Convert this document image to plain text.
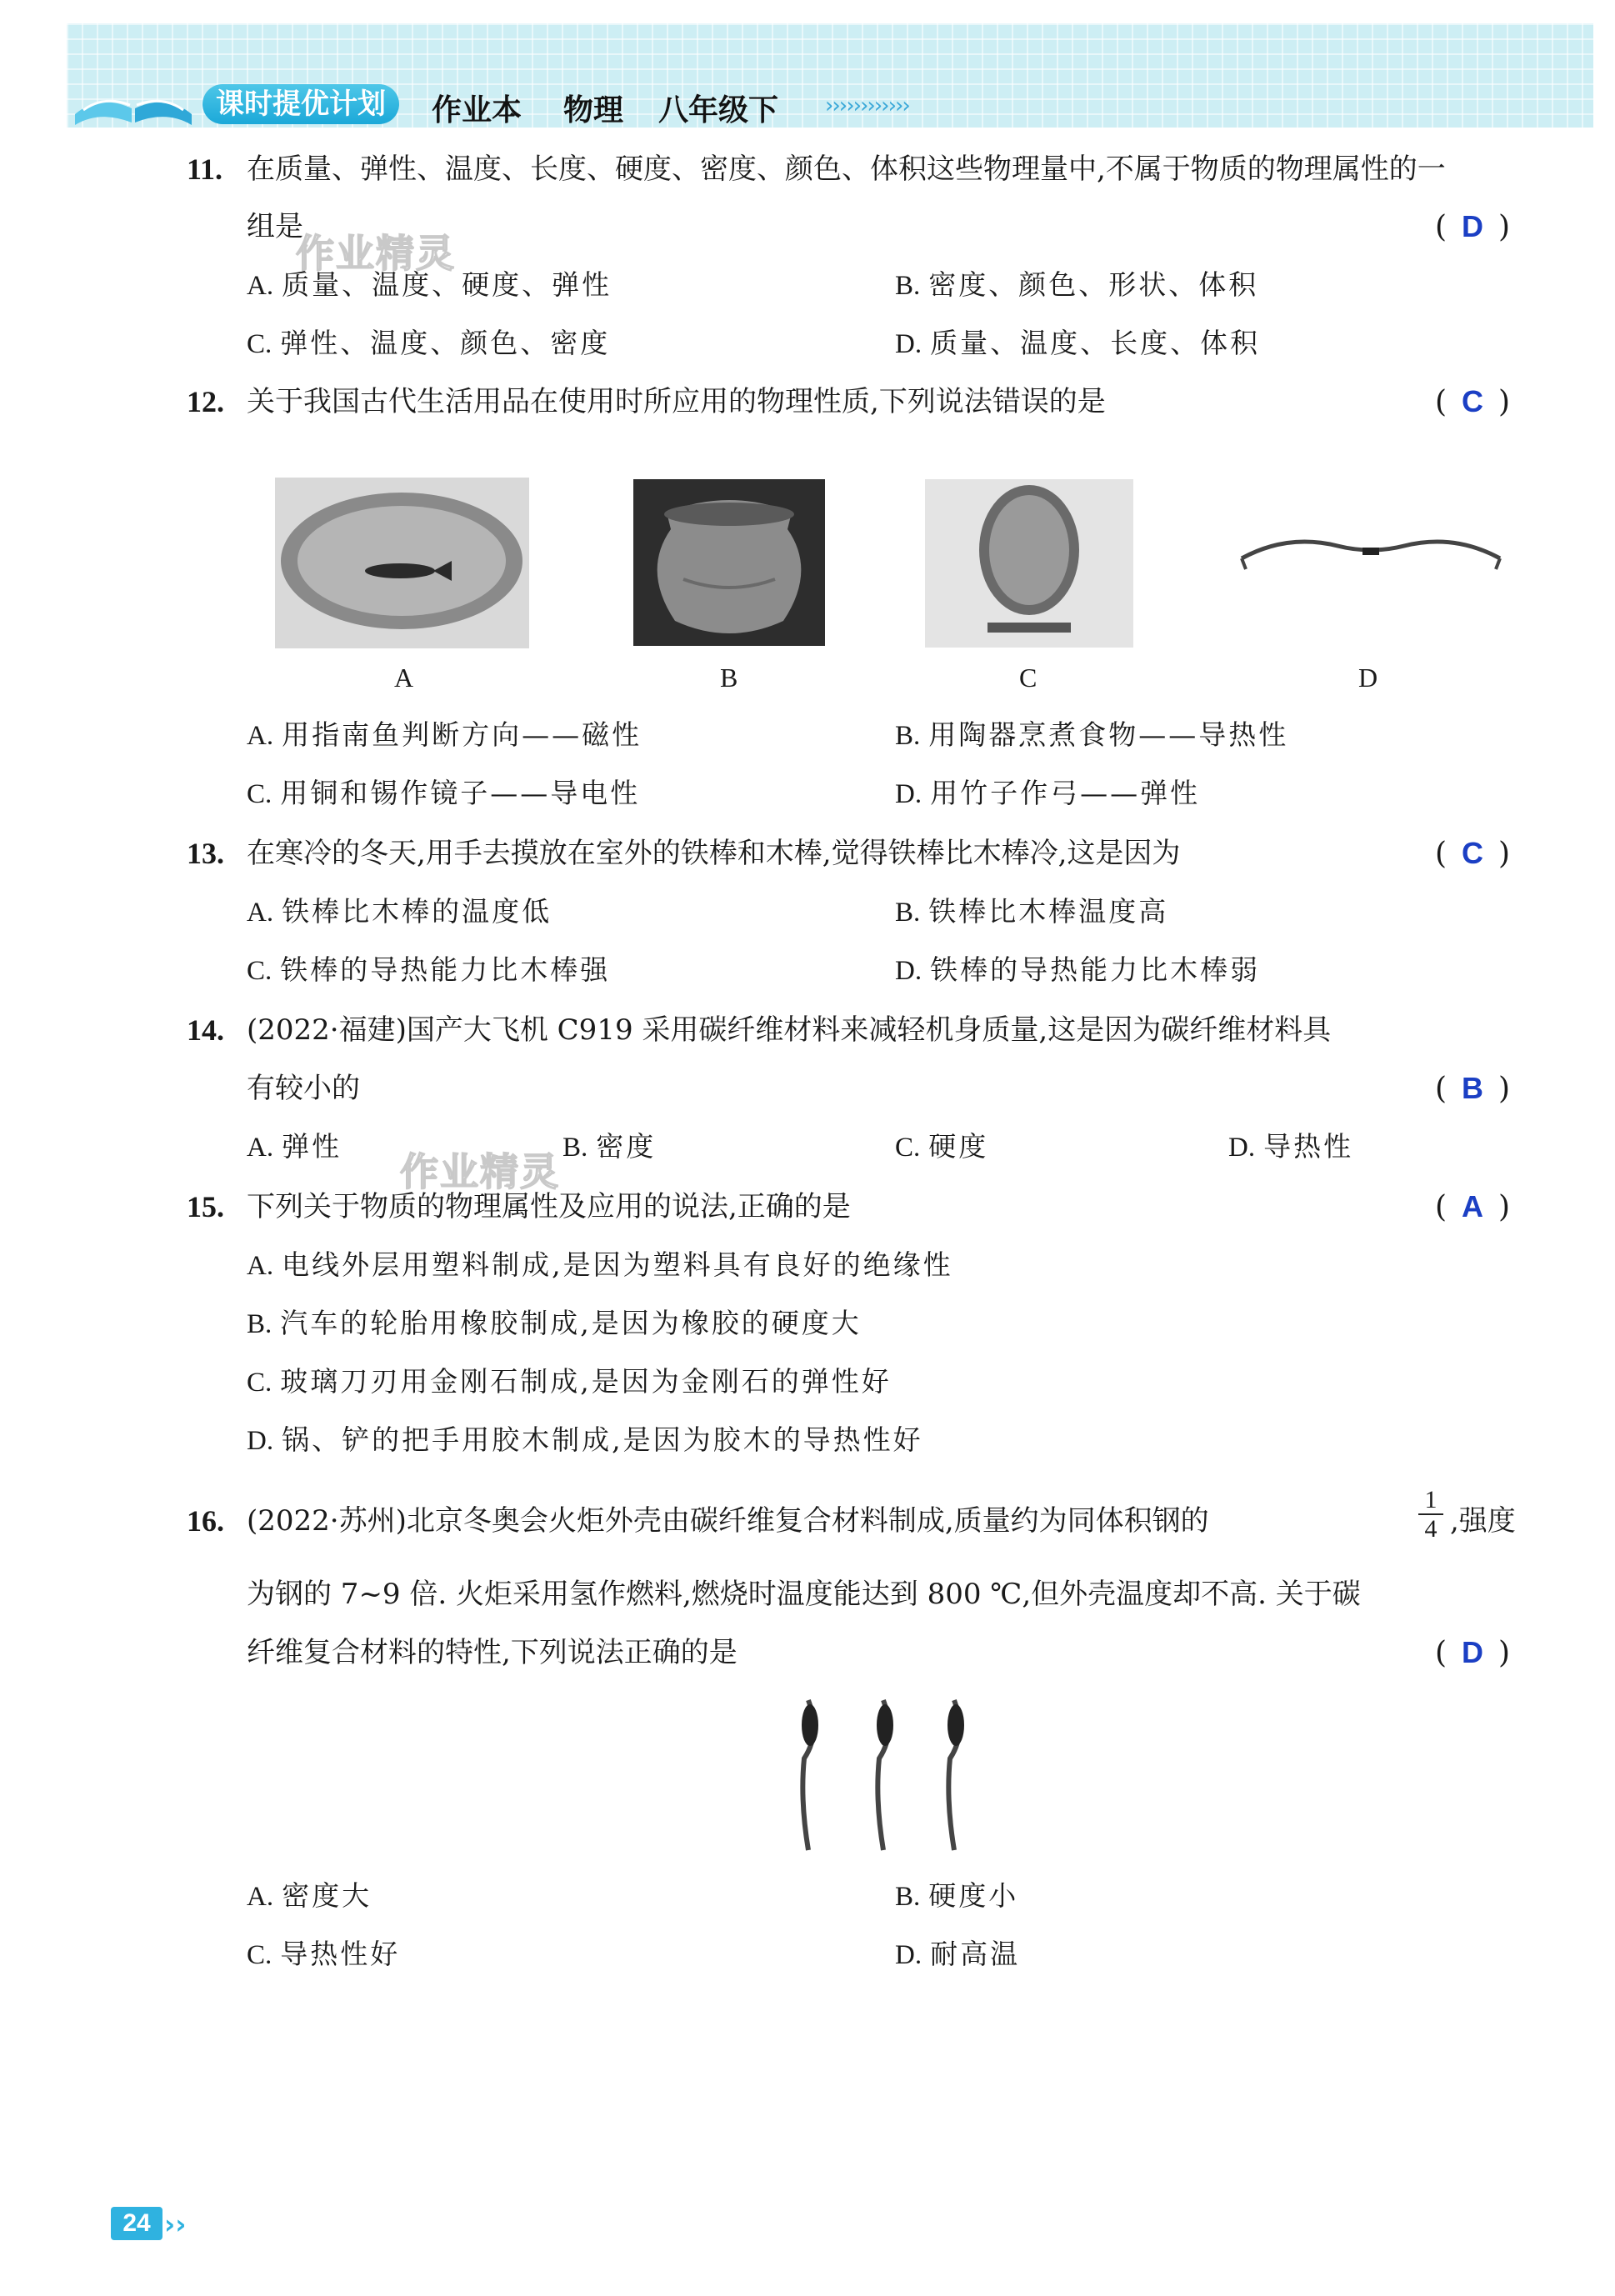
课时提优计划	作业本 物理 八年级下 ››››››››››››
作业精灵
作业精灵
11. 在质量、弹性、温度、长度、硬度、密度、颜色、体积这些物理量中,不属于物质的物理属性的一
组是	( D )
A. 质量、温度、硬度、弹性	B. 密度、颜色、形状、体积
C. 弹性、温度、颜色、密度	D. 质量、温度、长度、体积
12. 关于我国古代生活用品在使用时所应用的物理性质,下列说法错误的是	( C )
A	B	C	D
A. 用指南鱼判断方向——磁性	B. 用陶器烹煮食物——导热性
C. 用铜和锡作镜子——导电性	D. 用竹子作弓——弹性
13. 在寒冷的冬天,用手去摸放在室外的铁棒和木棒,觉得铁棒比木棒冷,这是因为	( C )
A. 铁棒比木棒的温度低	B. 铁棒比木棒温度高
C. 铁棒的导热能力比木棒强	D. 铁棒的导热能力比木棒弱
14. (2022·福建)国产大飞机 C919 采用碳纤维材料来减轻机身质量,这是因为碳纤维材料具
有较小的	( B )
A. 弹性	B. 密度	C. 硬度	D. 导热性
15. 下列关于物质的物理属性及应用的说法,正确的是	( A )
A. 电线外层用塑料制成,是因为塑料具有良好的绝缘性
B. 汽车的轮胎用橡胶制成,是因为橡胶的硬度大
C. 玻璃刀刃用金刚石制成,是因为金刚石的弹性好
D. 锅、铲的把手用胶木制成,是因为胶木的导热性好
16. (2022·苏州)北京冬奥会火炬外壳由碳纤维复合材料制成,质量约为同体积钢的	$\frac{1}{4}$ ,强度
为钢的 7~9 倍. 火炬采用氢作燃料,燃烧时温度能达到 800 ℃,但外壳温度却不高. 关于碳
纤维复合材料的特性,下列说法正确的是	( D )
A. 密度大	B. 硬度小
C. 导热性好	D. 耐高温
24 ››
